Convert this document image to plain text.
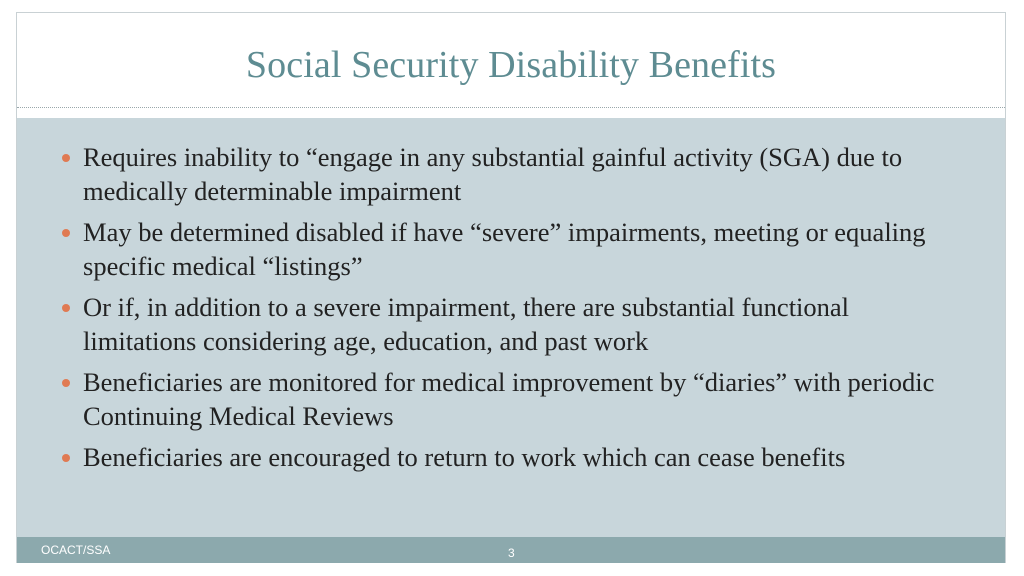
Social Security Disability Benefits
Requires inability to “engage in any substantial gainful activity (SGA) due to medically determinable impairment
May be determined disabled if have “severe” impairments, meeting or equaling specific medical “listings”
Or if, in addition to a severe impairment, there are substantial functional limitations considering age, education, and past work
Beneficiaries are monitored for medical improvement by “diaries” with periodic Continuing Medical Reviews
Beneficiaries are encouraged to return to work which can cease benefits
OCACT/SSA	3
